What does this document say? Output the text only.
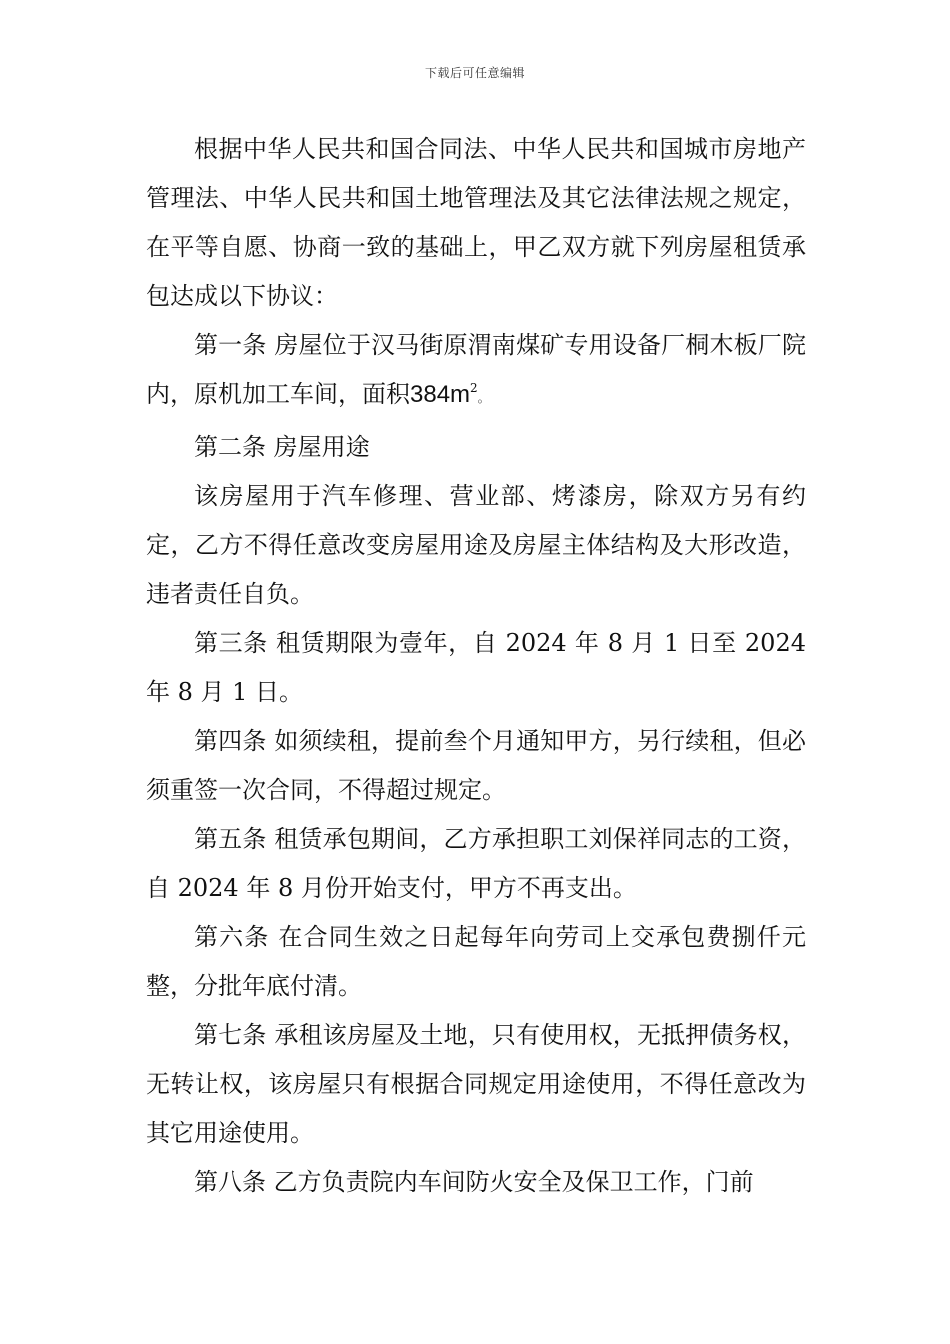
下载后可任意编辑

根据中华人民共和国合同法、中华人民共和国城市房地产管理法、中华人民共和国土地管理法及其它法律法规之规定，在平等自愿、协商一致的基础上，甲乙双方就下列房屋租赁承包达成以下协议：

第一条 房屋位于汉马街原渭南煤矿专用设备厂桐木板厂院内，原机加工车间，面积$384m^2$。

第二条 房屋用途

该房屋用于汽车修理、营业部、烤漆房，除双方另有约定，乙方不得任意改变房屋用途及房屋主体结构及大形改造，违者责任自负。

第三条 租赁期限为壹年，自 2024 年 8 月 1 日至 2024 年 8 月 1 日。

第四条 如须续租，提前叁个月通知甲方，另行续租，但必须重签一次合同，不得超过规定。

第五条 租赁承包期间，乙方承担职工刘保祥同志的工资，自 2024 年 8 月份开始支付，甲方不再支出。

第六条 在合同生效之日起每年向劳司上交承包费捌仟元整，分批年底付清。

第七条 承租该房屋及土地，只有使用权，无抵押债务权，无转让权，该房屋只有根据合同规定用途使用，不得任意改为其它用途使用。

第八条 乙方负责院内车间防火安全及保卫工作，门前
